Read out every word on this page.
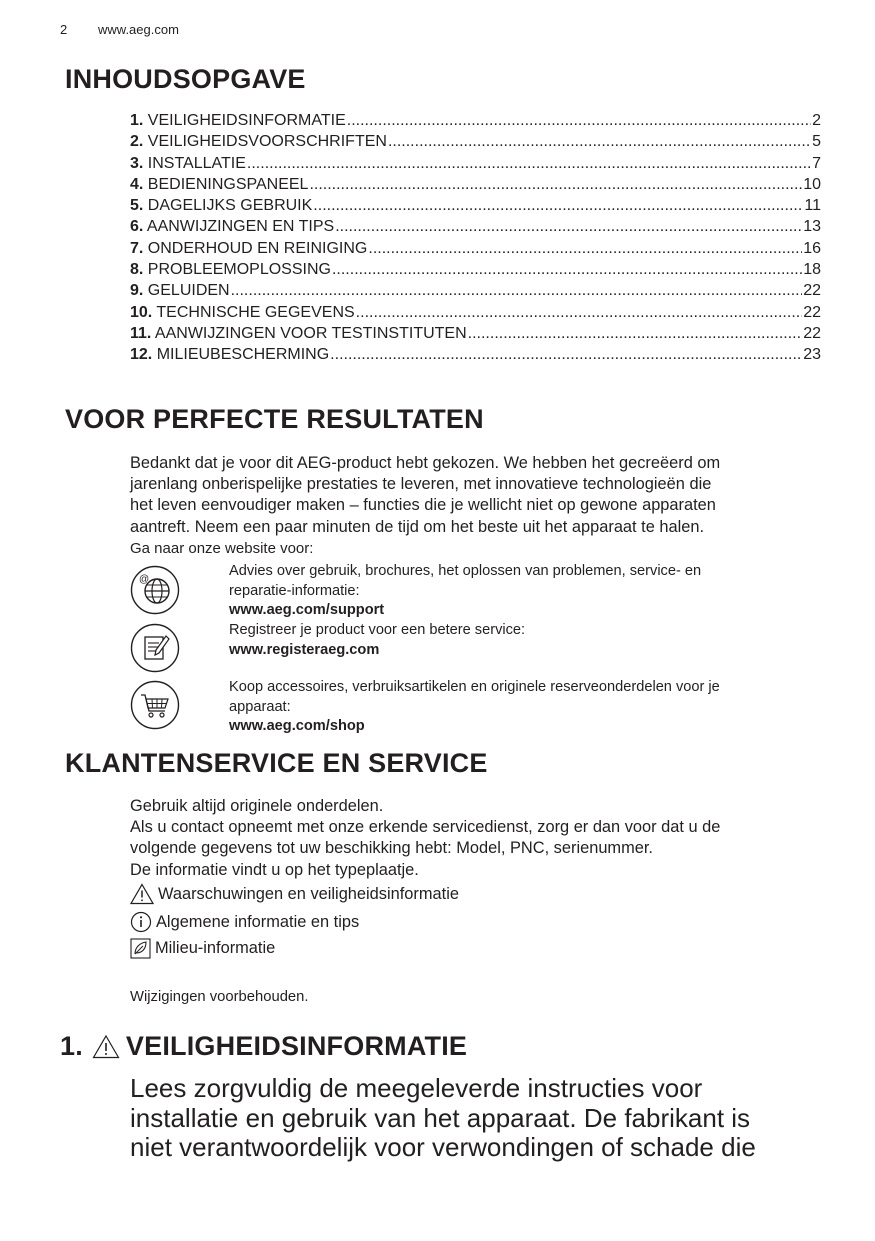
2 www.aeg.com
INHOUDSOPGAVE
1. VEILIGHEIDSINFORMATIE .....	2
2. VEILIGHEIDSVOORSCHRIFTEN .....	5
3. INSTALLATIE .....	7
4. BEDIENINGSPANEEL .....	10
5. DAGELIJKS GEBRUIK .....	11
6. AANWIJZINGEN EN TIPS .....	13
7. ONDERHOUD EN REINIGING .....	16
8. PROBLEEMOPLOSSING .....	18
9. GELUIDEN .....	22
10. TECHNISCHE GEGEVENS .....	22
11. AANWIJZINGEN VOOR TESTINSTITUTEN .....	22
12. MILIEUBESCHERMING .....	23
VOOR PERFECTE RESULTATEN

Bedankt dat je voor dit AEG-product hebt gekozen. We hebben het gecreëerd om

jarenlang onberispelijke prestaties te leveren, met innovatieve technologieën die

het leven eenvoudiger maken – functies die je wellicht niet op gewone apparaten

aantreft. Neem een paar minuten de tijd om het beste uit het apparaat te halen.

Ga naar onze website voor:

@
Advies over gebruik, brochures, het oplossen van problemen, service- en
reparatie-informatie:
www.aeg.com/support
Registreer je product voor een betere service:
www.registeraeg.com
Koop accessoires, verbruiksartikelen en originele reserveonderdelen voor je
apparaat:
www.aeg.com/shop
KLANTENSERVICE EN SERVICE

Gebruik altijd originele onderdelen.

Als u contact opneemt met onze erkende servicedienst, zorg er dan voor dat u de

volgende gegevens tot uw beschikking hebt: Model, PNC, serienummer.

De informatie vindt u op het typeplaatje.

Waarschuwingen en veiligheidsinformatie
Algemene informatie en tips
Milieu-informatie
Wijzigingen voorbehouden.
1. VEILIGHEIDSINFORMATIE
Lees zorgvuldig de meegeleverde instructies voor
installatie en gebruik van het apparaat. De fabrikant is
niet verantwoordelijk voor verwondingen of schade die
